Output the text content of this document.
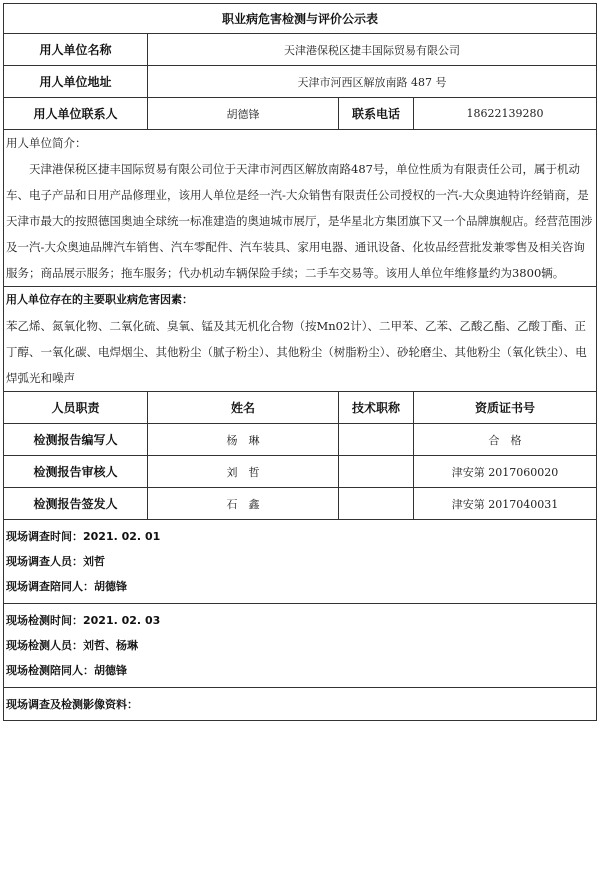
职业病危害检测与评价公示表			
用人单位名称	天津港保税区捷丰国际贸易有限公司		
用人单位地址	天津市河西区解放南路 487 号		
用人单位联系人	胡德锋	联系电话	18622139280

用人单位简介：

天津港保税区捷丰国际贸易有限公司位于天津市河西区解放南路487号，单位性质为有限责任公司，属于机动车、电子产品和日用产品修理业，该用人单位是经一汽-大众销售有限责任公司授权的一汽-大众奥迪特许经销商，是天津市最大的按照德国奥迪全球统一标准建造的奥迪城市展厅，是华星北方集团旗下又一个品牌旗舰店。经营范围涉及一汽-大众奥迪品牌汽车销售、汽车零配件、汽车装具、家用电器、通讯设备、化妆品经营批发兼零售及相关咨询服务；商品展示服务；拖车服务；代办机动车辆保险手续；二手车交易等。该用人单位年维修量约为3800辆。			

用人单位存在的主要职业病危害因素：

苯乙烯、氮氧化物、二氧化硫、臭氧、锰及其无机化合物（按Mn02计）、二甲苯、乙苯、乙酸乙酯、乙酸丁酯、正丁醇、一氧化碳、电焊烟尘、其他粉尘（腻子粉尘）、其他粉尘（树脂粉尘）、砂轮磨尘、其他粉尘（氧化铁尘）、电焊弧光和噪声			

人员职责	姓名	技术职称	资质证书号
检测报告编写人	杨　琳		合　格
检测报告审核人	刘　哲		津安第 2017060020
检测报告签发人	石　鑫		津安第 2017040031

现场调查时间：2021. 02. 01
现场调查人员：刘哲
现场调查陪同人：胡德锋			

现场检测时间：2021. 02. 03
现场检测人员：刘哲、杨琳
现场检测陪同人：胡德锋			

现场调查及检测影像资料：			
